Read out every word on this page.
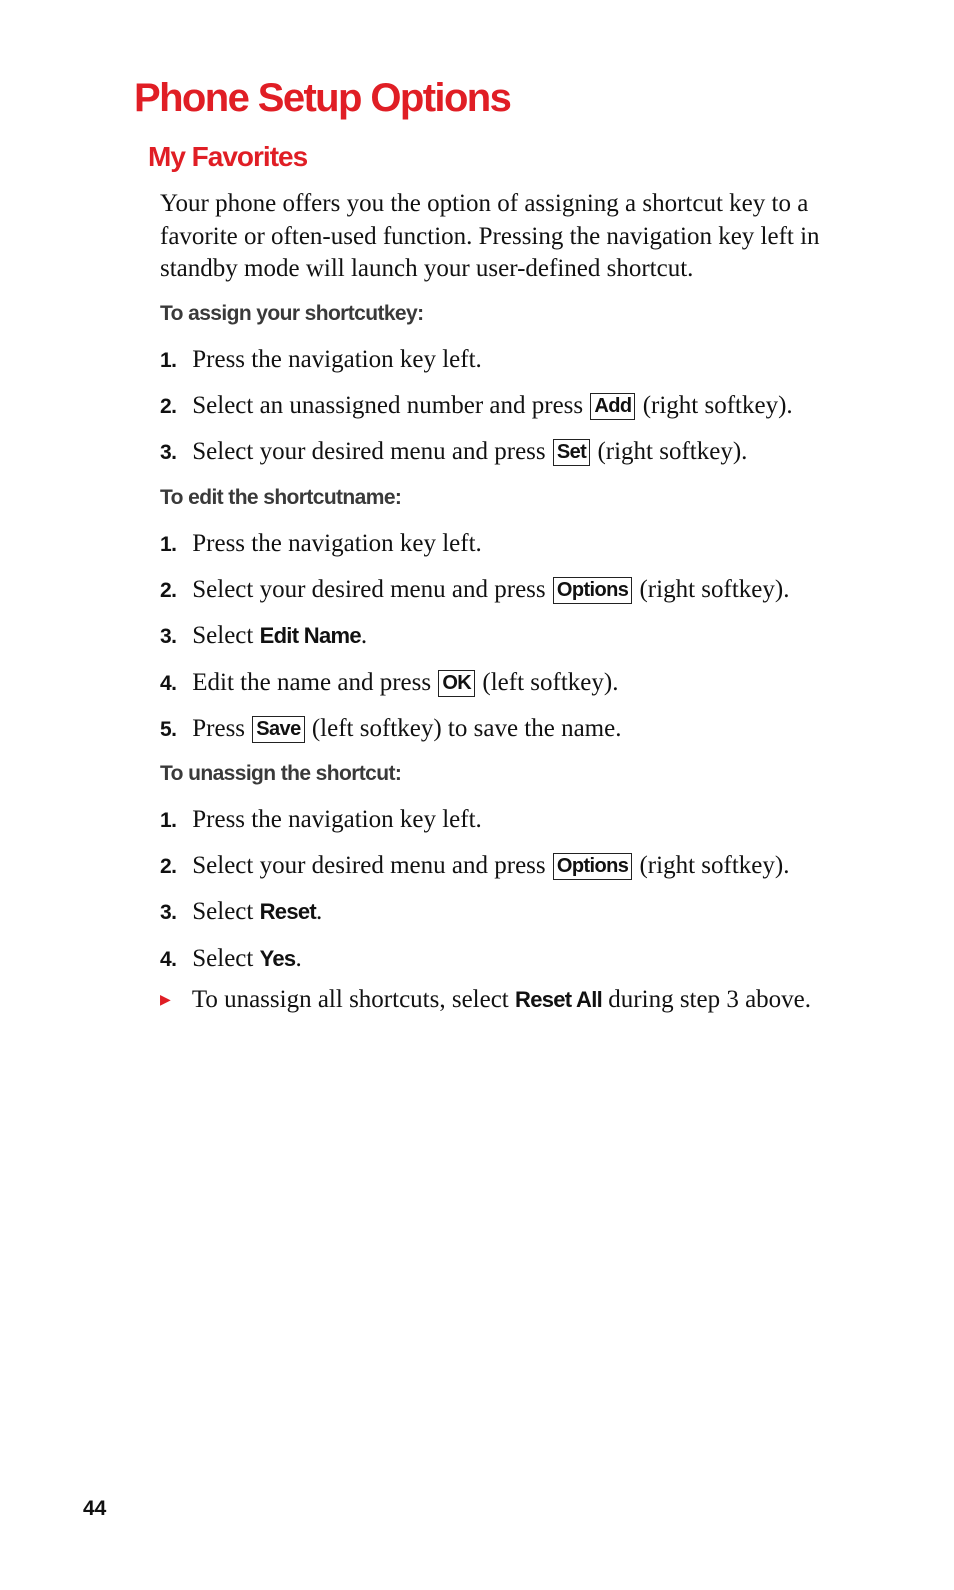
Phone Setup Options
My Favorites

Your phone offers you the option of assigning a shortcut key to a favorite or often-used function. Pressing the navigation key left in standby mode will launch your user-defined shortcut.

To assign your shortcutkey:

1. Press the navigation key left.

2. Select an unassigned number and press Add (right softkey).

3. Select your desired menu and press Set (right softkey).

To edit the shortcutname:

1. Press the navigation key left.

2. Select your desired menu and press Options (right softkey).

3. Select Edit Name.

4. Edit the name and press OK (left softkey).

5. Press Save (left softkey) to save the name.

To unassign the shortcut:

1. Press the navigation key left.

2. Select your desired menu and press Options (right softkey).

3. Select Reset.

4. Select Yes.

▶ To unassign all shortcuts, select Reset All during step 3 above.

44
